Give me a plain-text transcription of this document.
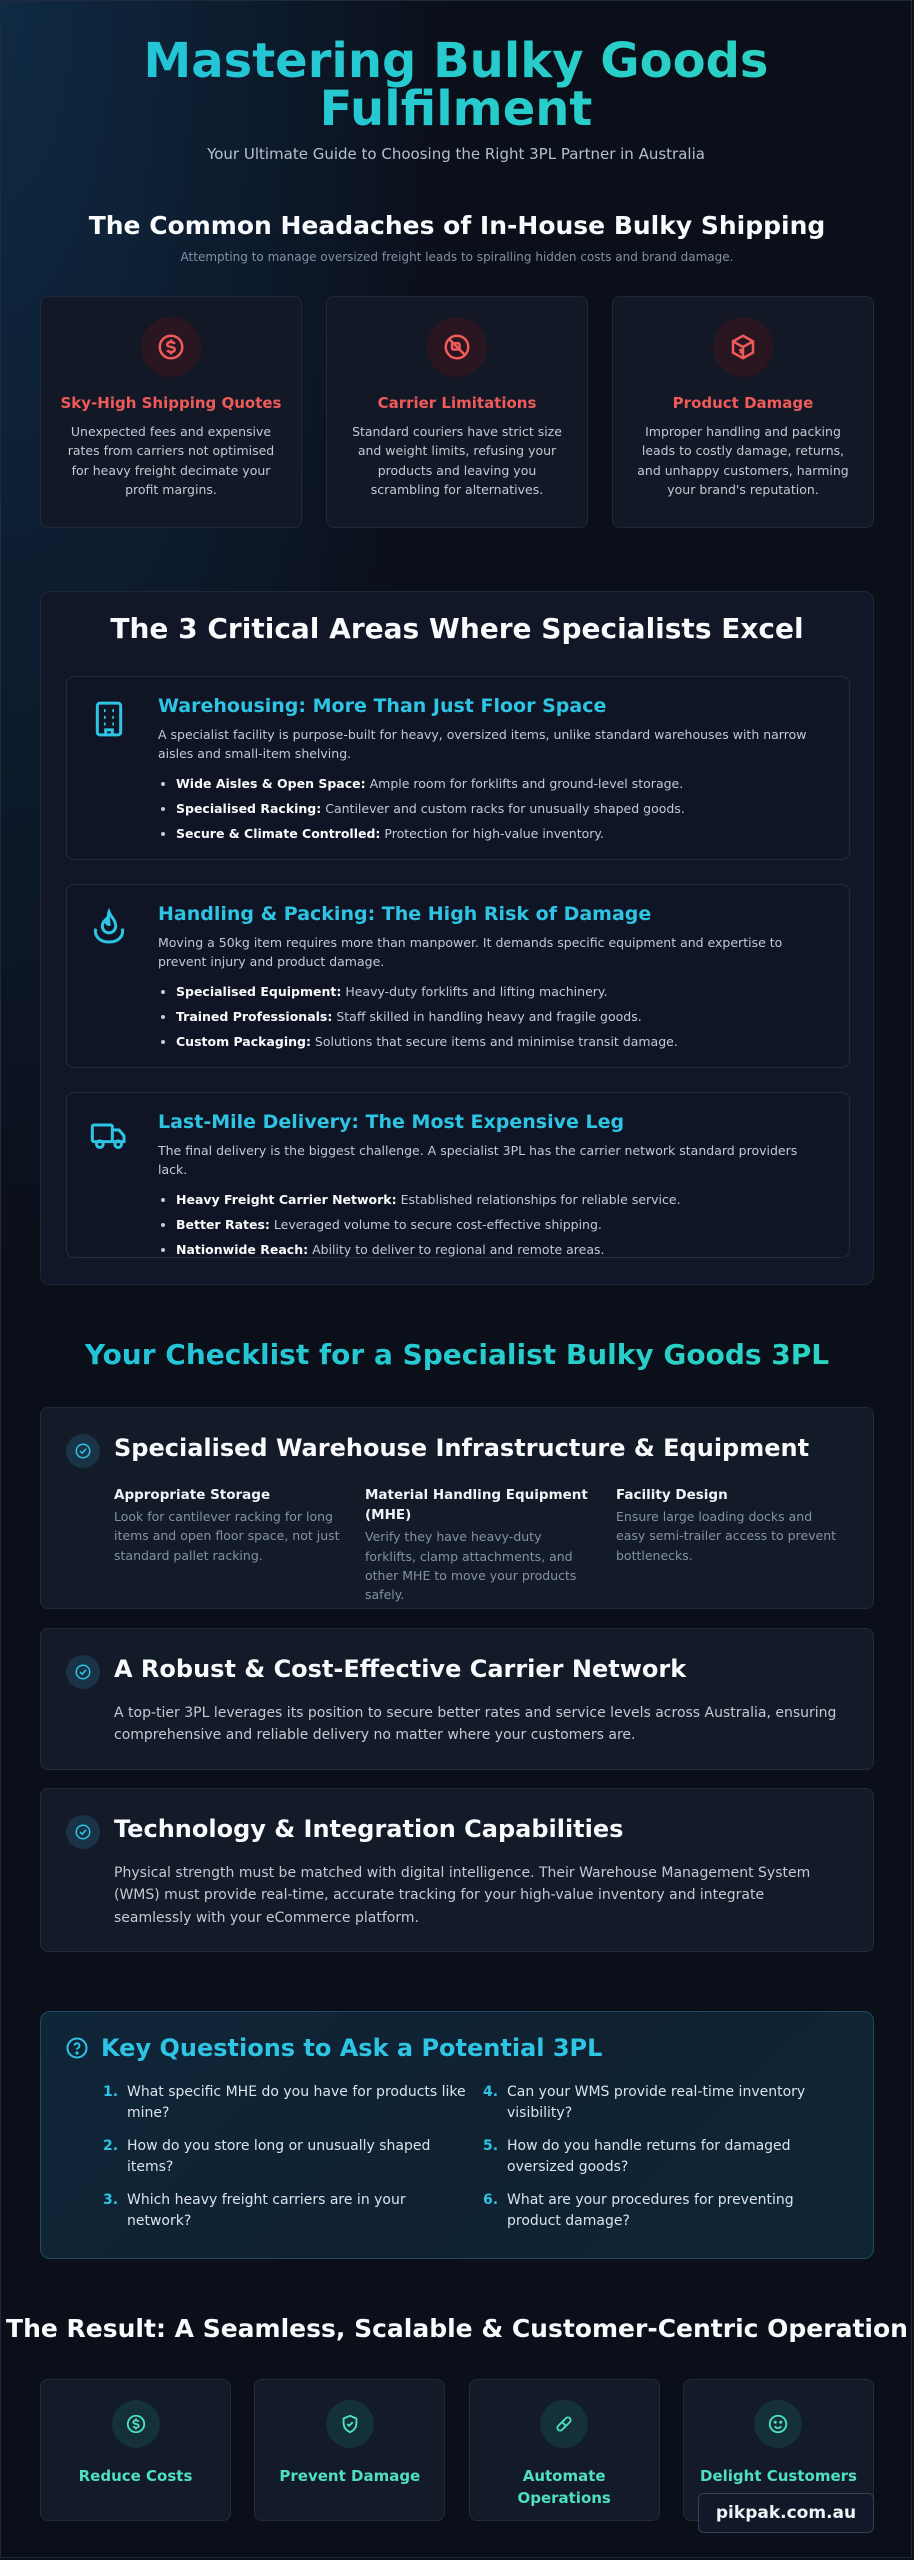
Mastering Bulky Goods
Fulfilment
Your Ultimate Guide to Choosing the Right 3PL Partner in Australia
The Common Headaches of In-House Bulky Shipping
Attempting to manage oversized freight leads to spiralling hidden costs and brand damage.
Sky-High Shipping Quotes
Unexpected fees and expensive rates from carriers not optimised for heavy freight decimate your profit margins.
Carrier Limitations
Standard couriers have strict size and weight limits, refusing your products and leaving you scrambling for alternatives.
Product Damage
Improper handling and packing leads to costly damage, returns, and unhappy customers, harming your brand's reputation.
The 3 Critical Areas Where Specialists Excel
Warehousing: More Than Just Floor Space
A specialist facility is purpose-built for heavy, oversized items, unlike standard warehouses with narrow aisles and small-item shelving.
• Wide Aisles & Open Space: Ample room for forklifts and ground-level storage.
• Specialised Racking: Cantilever and custom racks for unusually shaped goods.
• Secure & Climate Controlled: Protection for high-value inventory.
Handling & Packing: The High Risk of Damage
Moving a 50kg item requires more than manpower. It demands specific equipment and expertise to prevent injury and product damage.
• Specialised Equipment: Heavy-duty forklifts and lifting machinery.
• Trained Professionals: Staff skilled in handling heavy and fragile goods.
• Custom Packaging: Solutions that secure items and minimise transit damage.
Last-Mile Delivery: The Most Expensive Leg
The final delivery is the biggest challenge. A specialist 3PL has the carrier network standard providers lack.
• Heavy Freight Carrier Network: Established relationships for reliable service.
• Better Rates: Leveraged volume to secure cost-effective shipping.
• Nationwide Reach: Ability to deliver to regional and remote areas.
Your Checklist for a Specialist Bulky Goods 3PL
Specialised Warehouse Infrastructure & Equipment
Appropriate Storage
Look for cantilever racking for long items and open floor space, not just standard pallet racking.
Material Handling Equipment (MHE)
Verify they have heavy-duty forklifts, clamp attachments, and other MHE to move your products safely.
Facility Design
Ensure large loading docks and easy semi-trailer access to prevent bottlenecks.
A Robust & Cost-Effective Carrier Network
A top-tier 3PL leverages its position to secure better rates and service levels across Australia, ensuring comprehensive and reliable delivery no matter where your customers are.
Technology & Integration Capabilities
Physical strength must be matched with digital intelligence. Their Warehouse Management System (WMS) must provide real-time, accurate tracking for your high-value inventory and integrate seamlessly with your eCommerce platform.
Key Questions to Ask a Potential 3PL
1. What specific MHE do you have for products like mine?
2. How do you store long or unusually shaped items?
3. Which heavy freight carriers are in your network?
4. Can your WMS provide real-time inventory visibility?
5. How do you handle returns for damaged oversized goods?
6. What are your procedures for preventing product damage?
The Result: A Seamless, Scalable & Customer-Centric Operation
Reduce Costs	Prevent Damage	Automate Operations
Delight Customers
pikpak.com.au
